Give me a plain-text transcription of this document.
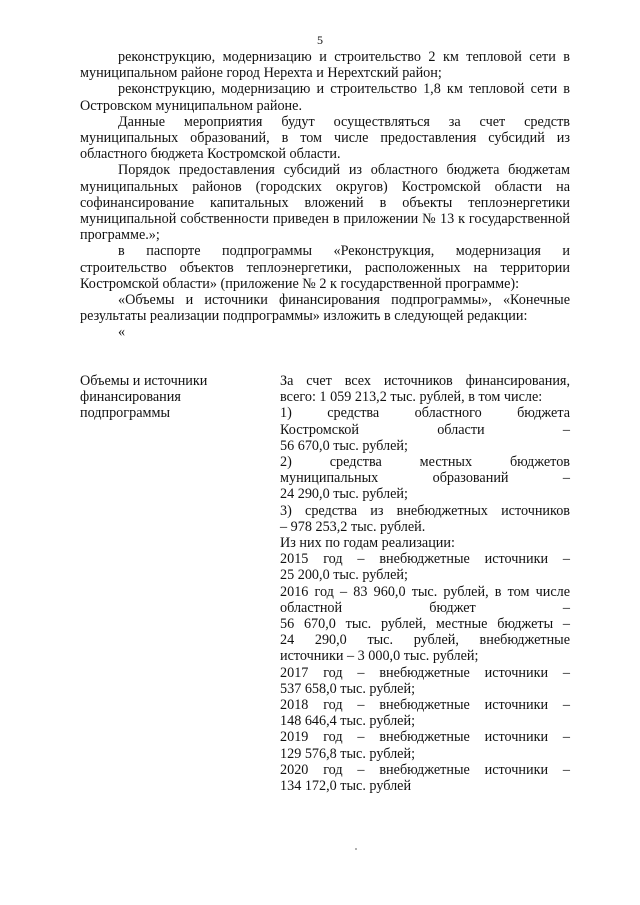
5

реконструкцию, модернизацию и строительство 2 км тепловой сети в муниципальном районе город Нерехта и Нерехтский район;

реконструкцию, модернизацию и строительство 1,8 км тепловой сети в Островском муниципальном районе.

Данные мероприятия будут осуществляться за счет средств муниципальных образований, в том числе предоставления субсидий из областного бюджета Костромской области.

Порядок предоставления субсидий из областного бюджета бюджетам муниципальных районов (городских округов) Костромской области на софинансирование капитальных вложений в объекты теплоэнергетики муниципальной собственности приведен в приложении № 13 к государственной программе.»;

в паспорте подпрограммы «Реконструкция, модернизация и строительство объектов теплоэнергетики, расположенных на территории Костромской области» (приложение № 2 к государственной программе):

«Объемы и источники финансирования подпрограммы», «Конечные результаты реализации подпрограммы» изложить в следующей редакции:

«
Объемы и источники финансирования подпрограммы
За счет всех источников финансирования,
всего: 1 059 213,2 тыс. рублей, в том числе:
1) средства областного бюджета
Костромской области –
56 670,0 тыс. рублей;
2) средства местных бюджетов
муниципальных образований –
24 290,0 тыс. рублей;
3) средства из внебюджетных источников
– 978 253,2 тыс. рублей.
Из них по годам реализации:
2015 год – внебюджетные источники –
25 200,0 тыс. рублей;
2016 год – 83 960,0 тыс. рублей, в том числе
областной бюджет –
56 670,0 тыс. рублей, местные бюджеты –
24 290,0 тыс. рублей, внебюджетные
источники – 3 000,0 тыс. рублей;
2017 год – внебюджетные источники –
537 658,0 тыс. рублей;
2018 год – внебюджетные источники –
148 646,4 тыс. рублей;
2019 год – внебюджетные источники –
129 576,8 тыс. рублей;
2020 год – внебюджетные источники –
134 172,0 тыс. рублей
